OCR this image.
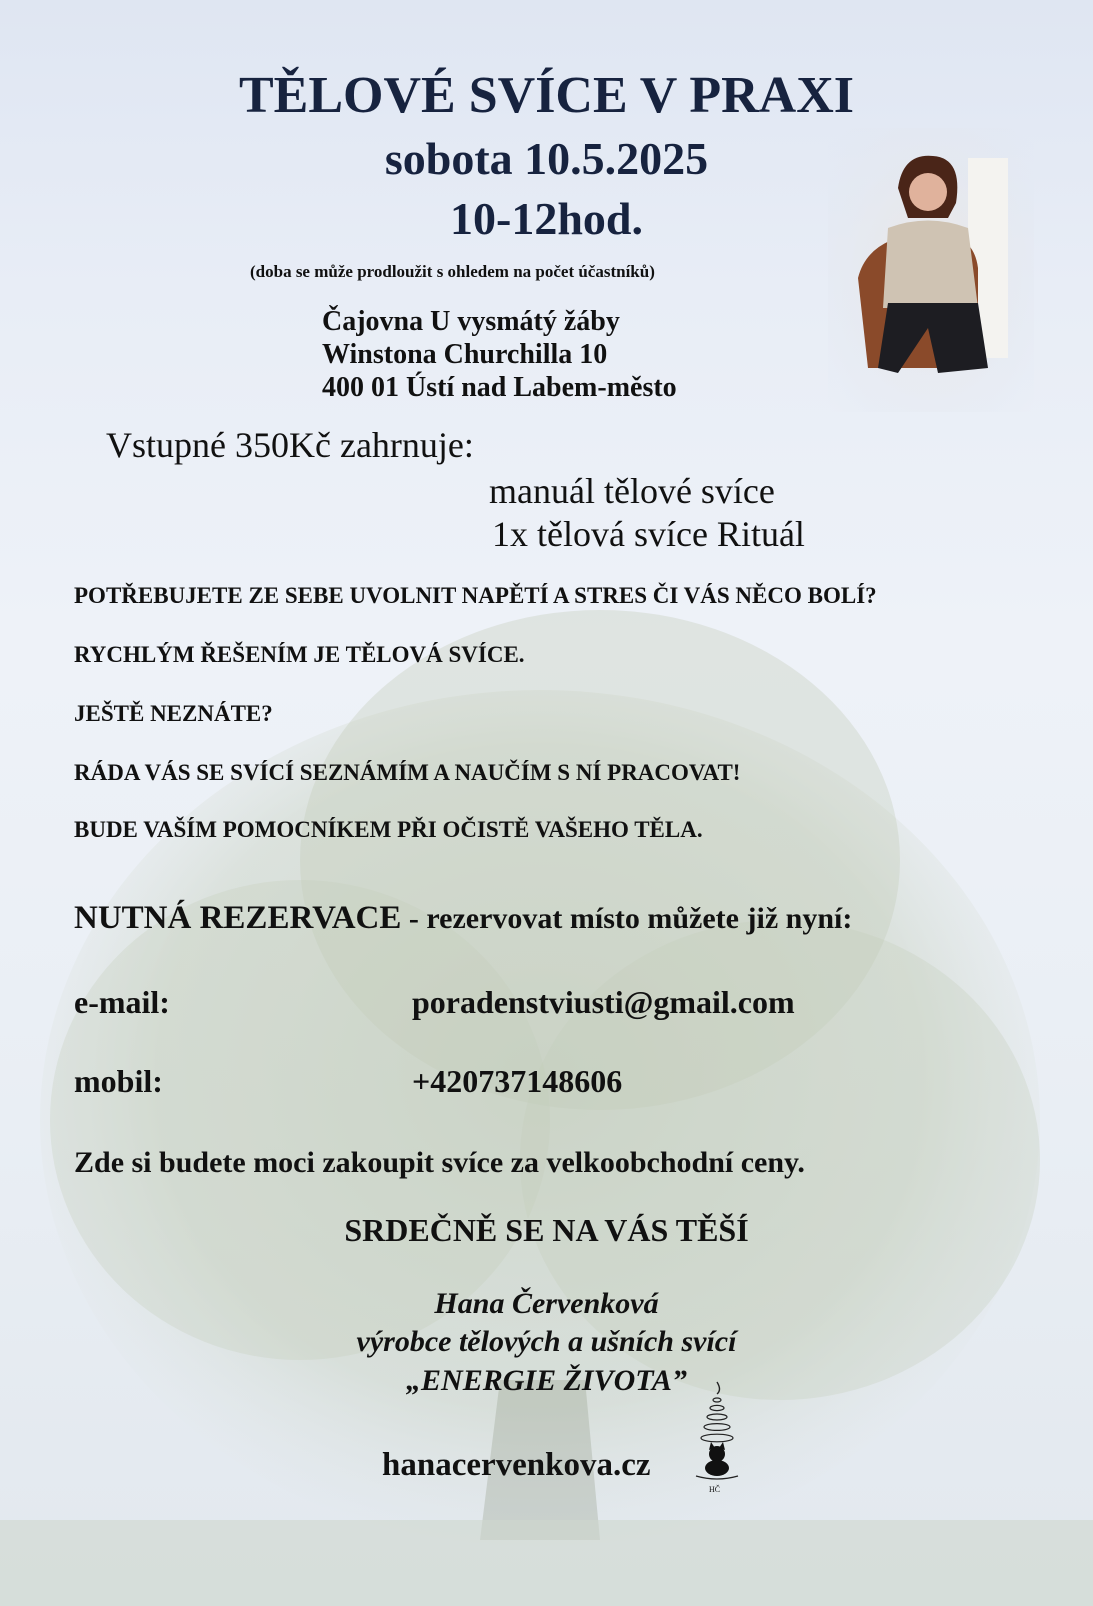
TĚLOVÉ SVÍCE V PRAXI
sobota 10.5.2025
10-12hod.
(doba se může prodloužit s ohledem na počet účastníků)
Čajovna U vysmátý žáby
Winstona Churchilla 10
400 01 Ústí nad Labem-město
Vstupné 350Kč zahrnuje:
manuál tělové svíce
1x tělová svíce Rituál
POTŘEBUJETE ZE SEBE UVOLNIT NAPĚTÍ A STRES ČI VÁS NĚCO BOLÍ?
RYCHLÝM ŘEŠENÍM JE TĚLOVÁ SVÍCE.
JEŠTĚ NEZNÁTE?
RÁDA VÁS SE SVÍCÍ SEZNÁMÍM A NAUČÍM S NÍ PRACOVAT!
BUDE VAŠÍM POMOCNÍKEM PŘI OČISTĚ VAŠEHO TĚLA.
NUTNÁ REZERVACE - rezervovat místo můžete již nyní:
e-mail:	poradenstviusti@gmail.com
mobil:	+420737148606
Zde si budete moci zakoupit svíce za velkoobchodní ceny.
SRDEČNĚ SE NA VÁS TĚŠÍ
Hana Červenková
výrobce tělových a ušních svící
„ENERGIE ŽIVOTA”
hanacervenkova.cz
HČ
